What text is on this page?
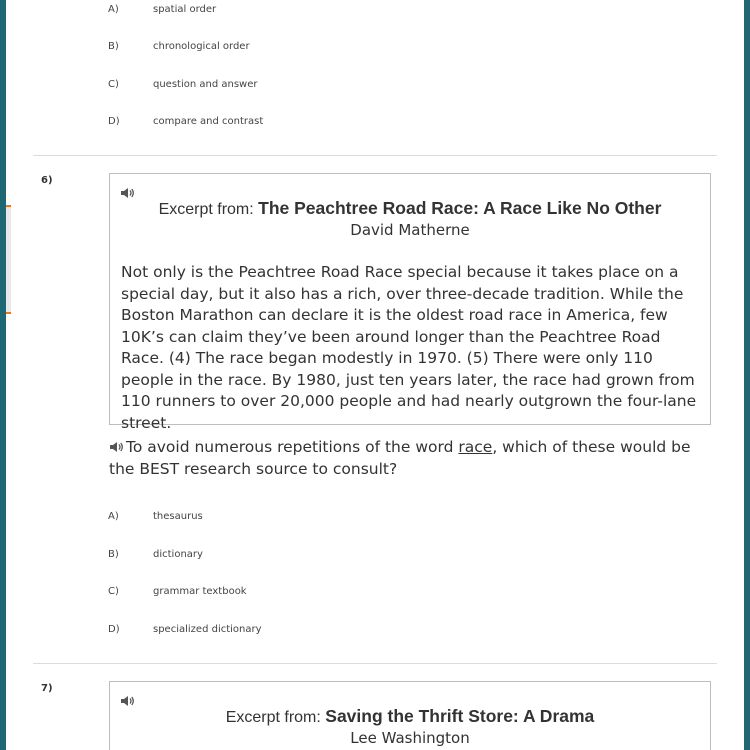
A)	spatial order
B)	chronological order
C)	question and answer
D)	compare and contrast
6)
Excerpt from: The Peachtree Road Race: A Race Like No Other
David Matherne
Not only is the Peachtree Road Race special because it takes place on a special day, but it also has a rich, over three-decade tradition. While the Boston Marathon can declare it is the oldest road race in America, few 10K’s can claim they’ve been around longer than the Peachtree Road Race. (4) The race began modestly in 1970. (5) There were only 110 people in the race. By 1980, just ten years later, the race had grown from 110 runners to over 20,000 people and had nearly outgrown the four-lane street.
To avoid numerous repetitions of the word race, which of these would be the BEST research source to consult?
A)	thesaurus
B)	dictionary
C)	grammar textbook
D)	specialized dictionary
7)
Excerpt from: Saving the Thrift Store: A Drama
Lee Washington
